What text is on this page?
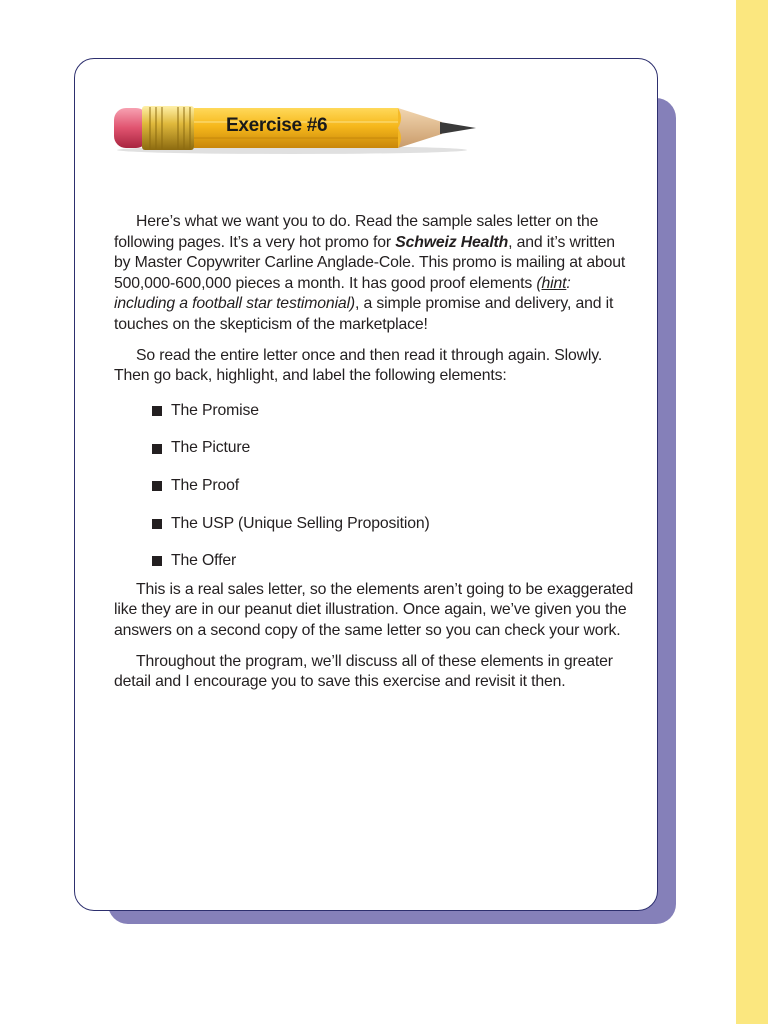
Exercise #6

Here’s what we want you to do. Read the sample sales letter on the following pages. It’s a very hot promo for Schweiz Health, and it’s written by Master Copywriter Carline Anglade-Cole. This promo is mailing at about 500,000-600,000 pieces a month. It has good proof elements (hint: including a football star testimonial), a simple promise and delivery, and it touches on the skepticism of the marketplace!

So read the entire letter once and then read it through again. Slowly. Then go back, highlight, and label the following elements:

The Promise
The Picture
The Proof
The USP (Unique Selling Proposition)
The Offer

This is a real sales letter, so the elements aren’t going to be exaggerated like they are in our peanut diet illustration. Once again, we’ve given you the answers on a second copy of the same letter so you can check your work.

Throughout the program, we’ll discuss all of these elements in greater detail and I encourage you to save this exercise and revisit it then.
